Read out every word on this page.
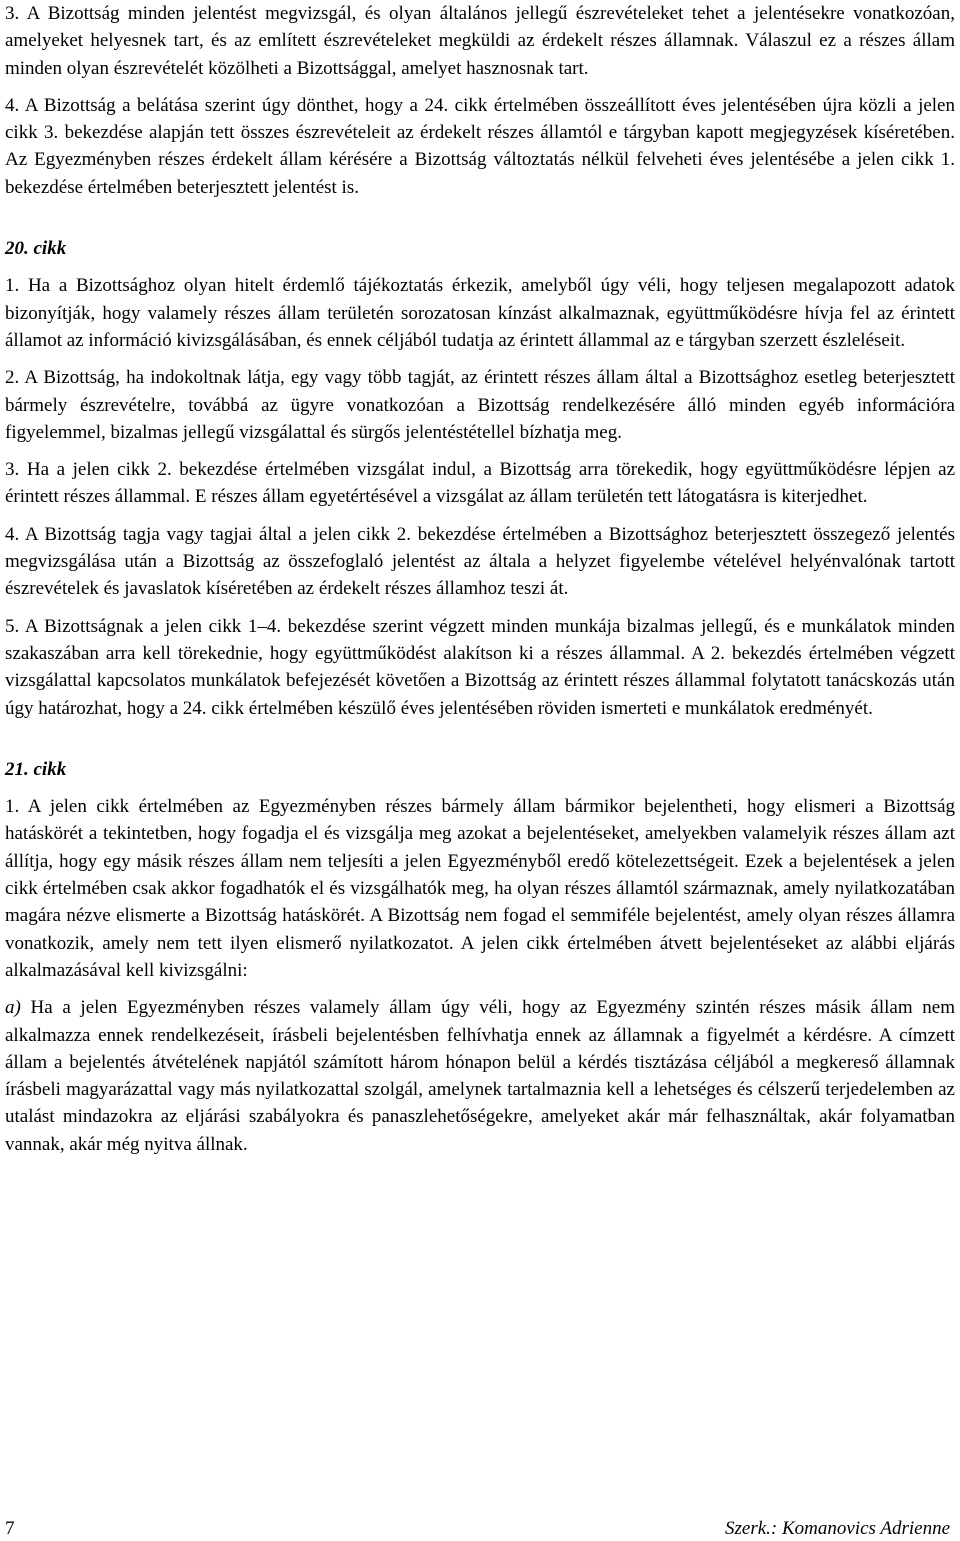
3. A Bizottság minden jelentést megvizsgál, és olyan általános jellegű észrevételeket tehet a jelentésekre vonatkozóan, amelyeket helyesnek tart, és az említett észrevételeket megküldi az érdekelt részes államnak. Válaszul ez a részes állam minden olyan észrevételét közölheti a Bizottsággal, amelyet hasznosnak tart.

4. A Bizottság a belátása szerint úgy dönthet, hogy a 24. cikk értelmében összeállított éves jelentésében újra közli a jelen cikk 3. bekezdése alapján tett összes észrevételeit az érdekelt részes államtól e tárgyban kapott megjegyzések kíséretében. Az Egyezményben részes érdekelt állam kérésére a Bizottság változtatás nélkül felveheti éves jelentésébe a jelen cikk 1. bekezdése értelmében beterjesztett jelentést is.

20. cikk

1. Ha a Bizottsághoz olyan hitelt érdemlő tájékoztatás érkezik, amelyből úgy véli, hogy teljesen megalapozott adatok bizonyítják, hogy valamely részes állam területén sorozatosan kínzást alkalmaznak, együttműködésre hívja fel az érintett államot az információ kivizsgálásában, és ennek céljából tudatja az érintett állammal az e tárgyban szerzett észleléseit.

2. A Bizottság, ha indokoltnak látja, egy vagy több tagját, az érintett részes állam által a Bizottsághoz esetleg beterjesztett bármely észrevételre, továbbá az ügyre vonatkozóan a Bizottság rendelkezésére álló minden egyéb információra figyelemmel, bizalmas jellegű vizsgálattal és sürgős jelentéstétellel bízhatja meg.

3. Ha a jelen cikk 2. bekezdése értelmében vizsgálat indul, a Bizottság arra törekedik, hogy együttműködésre lépjen az érintett részes állammal. E részes állam egyetértésével a vizsgálat az állam területén tett látogatásra is kiterjedhet.

4. A Bizottság tagja vagy tagjai által a jelen cikk 2. bekezdése értelmében a Bizottsághoz beterjesztett összegező jelentés megvizsgálása után a Bizottság az összefoglaló jelentést az általa a helyzet figyelembe vételével helyénvalónak tartott észrevételek és javaslatok kíséretében az érdekelt részes államhoz teszi át.

5. A Bizottságnak a jelen cikk 1–4. bekezdése szerint végzett minden munkája bizalmas jellegű, és e munkálatok minden szakaszában arra kell törekednie, hogy együttműködést alakítson ki a részes állammal. A 2. bekezdés értelmében végzett vizsgálattal kapcsolatos munkálatok befejezését követően a Bizottság az érintett részes állammal folytatott tanácskozás után úgy határozhat, hogy a 24. cikk értelmében készülő éves jelentésében röviden ismerteti e munkálatok eredményét.

21. cikk

1. A jelen cikk értelmében az Egyezményben részes bármely állam bármikor bejelentheti, hogy elismeri a Bizottság hatáskörét a tekintetben, hogy fogadja el és vizsgálja meg azokat a bejelentéseket, amelyekben valamelyik részes állam azt állítja, hogy egy másik részes állam nem teljesíti a jelen Egyezményből eredő kötelezettségeit. Ezek a bejelentések a jelen cikk értelmében csak akkor fogadhatók el és vizsgálhatók meg, ha olyan részes államtól származnak, amely nyilatkozatában magára nézve elismerte a Bizottság hatáskörét. A Bizottság nem fogad el semmiféle bejelentést, amely olyan részes államra vonatkozik, amely nem tett ilyen elismerő nyilatkozatot. A jelen cikk értelmében átvett bejelentéseket az alábbi eljárás alkalmazásával kell kivizsgálni:

a) Ha a jelen Egyezményben részes valamely állam úgy véli, hogy az Egyezmény szintén részes másik állam nem alkalmazza ennek rendelkezéseit, írásbeli bejelentésben felhívhatja ennek az államnak a figyelmét a kérdésre. A címzett állam a bejelentés átvételének napjától számított három hónapon belül a kérdés tisztázása céljából a megkereső államnak írásbeli magyarázattal vagy más nyilatkozattal szolgál, amelynek tartalmaznia kell a lehetséges és célszerű terjedelemben az utalást mindazokra az eljárási szabályokra és panaszlehetőségekre, amelyeket akár már felhasználtak, akár folyamatban vannak, akár még nyitva állnak.

7	Szerk.: Komanovics Adrienne
